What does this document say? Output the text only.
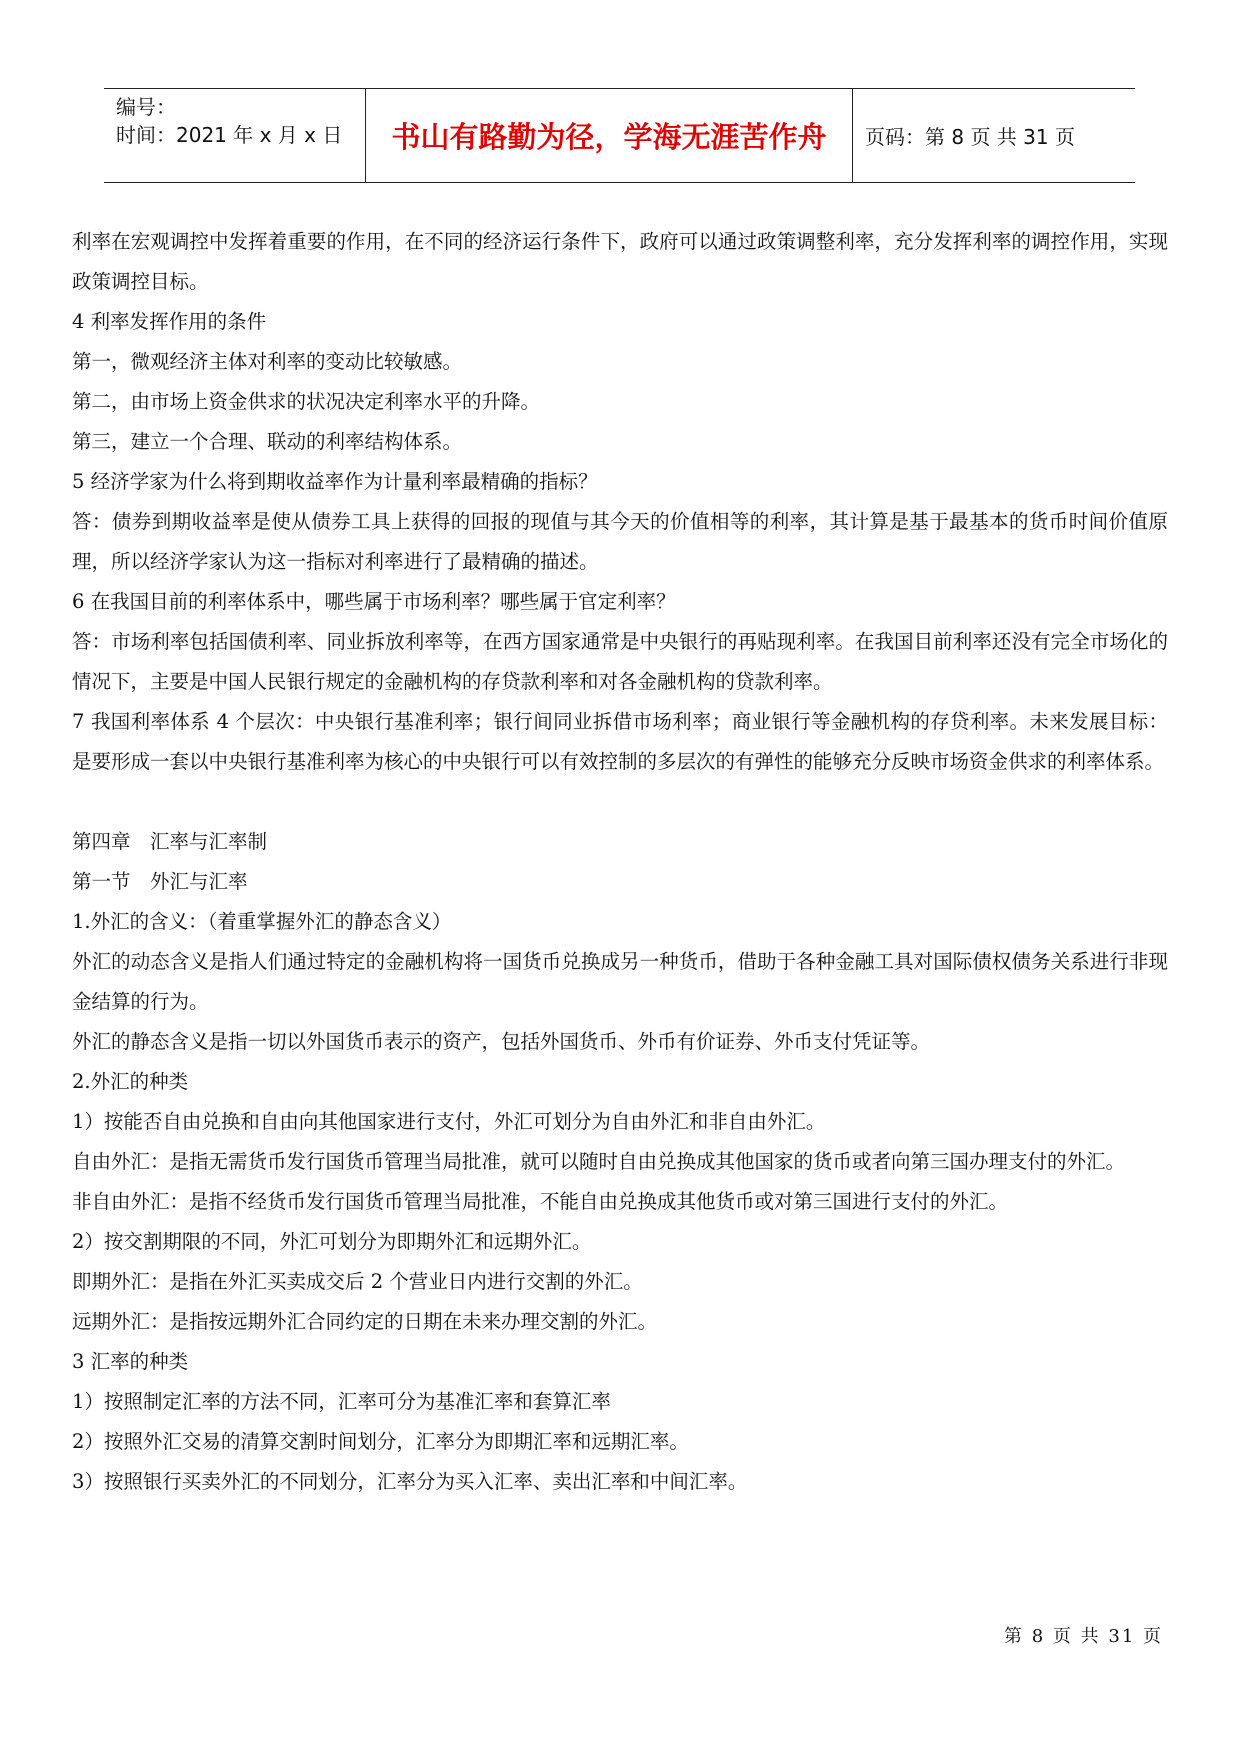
编号：
时间：2021 年 x 月 x 日	书山有路勤为径，学海无涯苦作舟	页码：第 8 页 共 31 页

利率在宏观调控中发挥着重要的作用，在不同的经济运行条件下，政府可以通过政策调整利率，充分发挥利率的调控作用，实现政策调控目标。

4 利率发挥作用的条件

第一，微观经济主体对利率的变动比较敏感。

第二，由市场上资金供求的状况决定利率水平的升降。

第三，建立一个合理、联动的利率结构体系。

5 经济学家为什么将到期收益率作为计量利率最精确的指标？

答：债券到期收益率是使从债券工具上获得的回报的现值与其今天的价值相等的利率，其计算是基于最基本的货币时间价值原理，所以经济学家认为这一指标对利率进行了最精确的描述。

6 在我国目前的利率体系中，哪些属于市场利率？哪些属于官定利率？

答：市场利率包括国债利率、同业拆放利率等，在西方国家通常是中央银行的再贴现利率。在我国目前利率还没有完全市场化的情况下，主要是中国人民银行规定的金融机构的存贷款利率和对各金融机构的贷款利率。

7 我国利率体系 4 个层次：中央银行基准利率；银行间同业拆借市场利率；商业银行等金融机构的存贷利率。未来发展目标：是要形成一套以中央银行基准利率为核心的中央银行可以有效控制的多层次的有弹性的能够充分反映市场资金供求的利率体系。

第四章　汇率与汇率制

第一节　外汇与汇率

1.外汇的含义：（着重掌握外汇的静态含义）

外汇的动态含义是指人们通过特定的金融机构将一国货币兑换成另一种货币，借助于各种金融工具对国际债权债务关系进行非现金结算的行为。

外汇的静态含义是指一切以外国货币表示的资产，包括外国货币、外币有价证券、外币支付凭证等。

2.外汇的种类

1）按能否自由兑换和自由向其他国家进行支付，外汇可划分为自由外汇和非自由外汇。

自由外汇：是指无需货币发行国货币管理当局批准，就可以随时自由兑换成其他国家的货币或者向第三国办理支付的外汇。

非自由外汇：是指不经货币发行国货币管理当局批准，不能自由兑换成其他货币或对第三国进行支付的外汇。

2）按交割期限的不同，外汇可划分为即期外汇和远期外汇。

即期外汇：是指在外汇买卖成交后 2 个营业日内进行交割的外汇。

远期外汇：是指按远期外汇合同约定的日期在未来办理交割的外汇。

3 汇率的种类

1）按照制定汇率的方法不同，汇率可分为基准汇率和套算汇率

2）按照外汇交易的清算交割时间划分，汇率分为即期汇率和远期汇率。

3）按照银行买卖外汇的不同划分，汇率分为买入汇率、卖出汇率和中间汇率。

第 8 页 共 31 页
